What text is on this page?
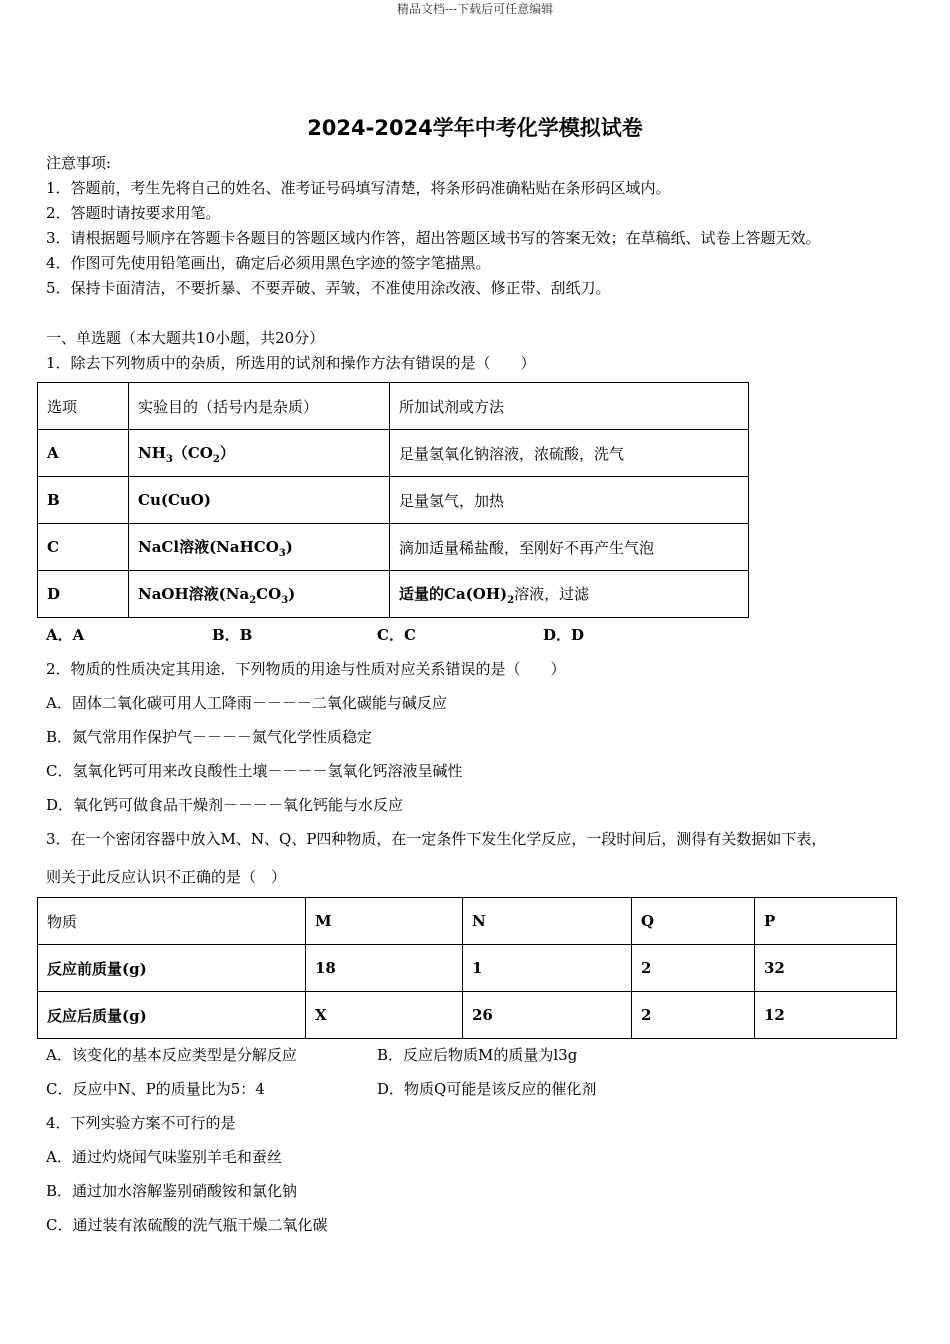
精品文档---下载后可任意编辑
2024-2024学年中考化学模拟试卷
注意事项:
1．答题前，考生先将自己的姓名、准考证号码填写清楚，将条形码准确粘贴在条形码区域内。
2．答题时请按要求用笔。
3．请根据题号顺序在答题卡各题目的答题区域内作答，超出答题区域书写的答案无效；在草稿纸、试卷上答题无效。
4．作图可先使用铅笔画出，确定后必须用黑色字迹的签字笔描黑。
5．保持卡面清洁，不要折暴、不要弄破、弄皱，不准使用涂改液、修正带、刮纸刀。
一、单选题（本大题共10小题，共20分）
1．除去下列物质中的杂质，所选用的试剂和操作方法有错误的是（　　）
选项	实验目的（括号内是杂质）	所加试剂或方法
A	$NH_3(CO_2)$	足量氢氧化钠溶液，浓硫酸，洗气
B	Cu(CuO)	足量氢气，加热
C	NaCl溶液(NaHCO$_3$)	滴加适量稀盐酸，至刚好不再产生气泡
D	NaOH溶液$(Na_2CO_3)$	适量的$Ca(OH)_2$溶液，过滤
A．A	B．B	C．C	D．D
2．物质的性质决定其用途．下列物质的用途与性质对应关系错误的是（　　）
A．固体二氧化碳可用人工降雨－－－－二氧化碳能与碱反应
B．氮气常用作保护气－－－－氮气化学性质稳定
C．氢氧化钙可用来改良酸性土壤－－－－氢氧化钙溶液呈碱性
D．氧化钙可做食品干燥剂－－－－氧化钙能与水反应
3．在一个密闭容器中放入M、N、Q、P四种物质，在一定条件下发生化学反应，一段时间后，测得有关数据如下表，
则关于此反应认识不正确的是（　）
物质	M	N	Q	P
反应前质量(g)	18	1	2	32
反应后质量(g)	X	26	2	12
A．该变化的基本反应类型是分解反应	B．反应后物质M的质量为l3g
C．反应中N、P的质量比为5：4	D．物质Q可能是该反应的催化剂
4．下列实验方案不可行的是
A．通过灼烧闻气味鉴别羊毛和蚕丝
B．通过加水溶解鉴别硝酸铵和氯化钠
C．通过装有浓硫酸的洗气瓶干燥二氧化碳
